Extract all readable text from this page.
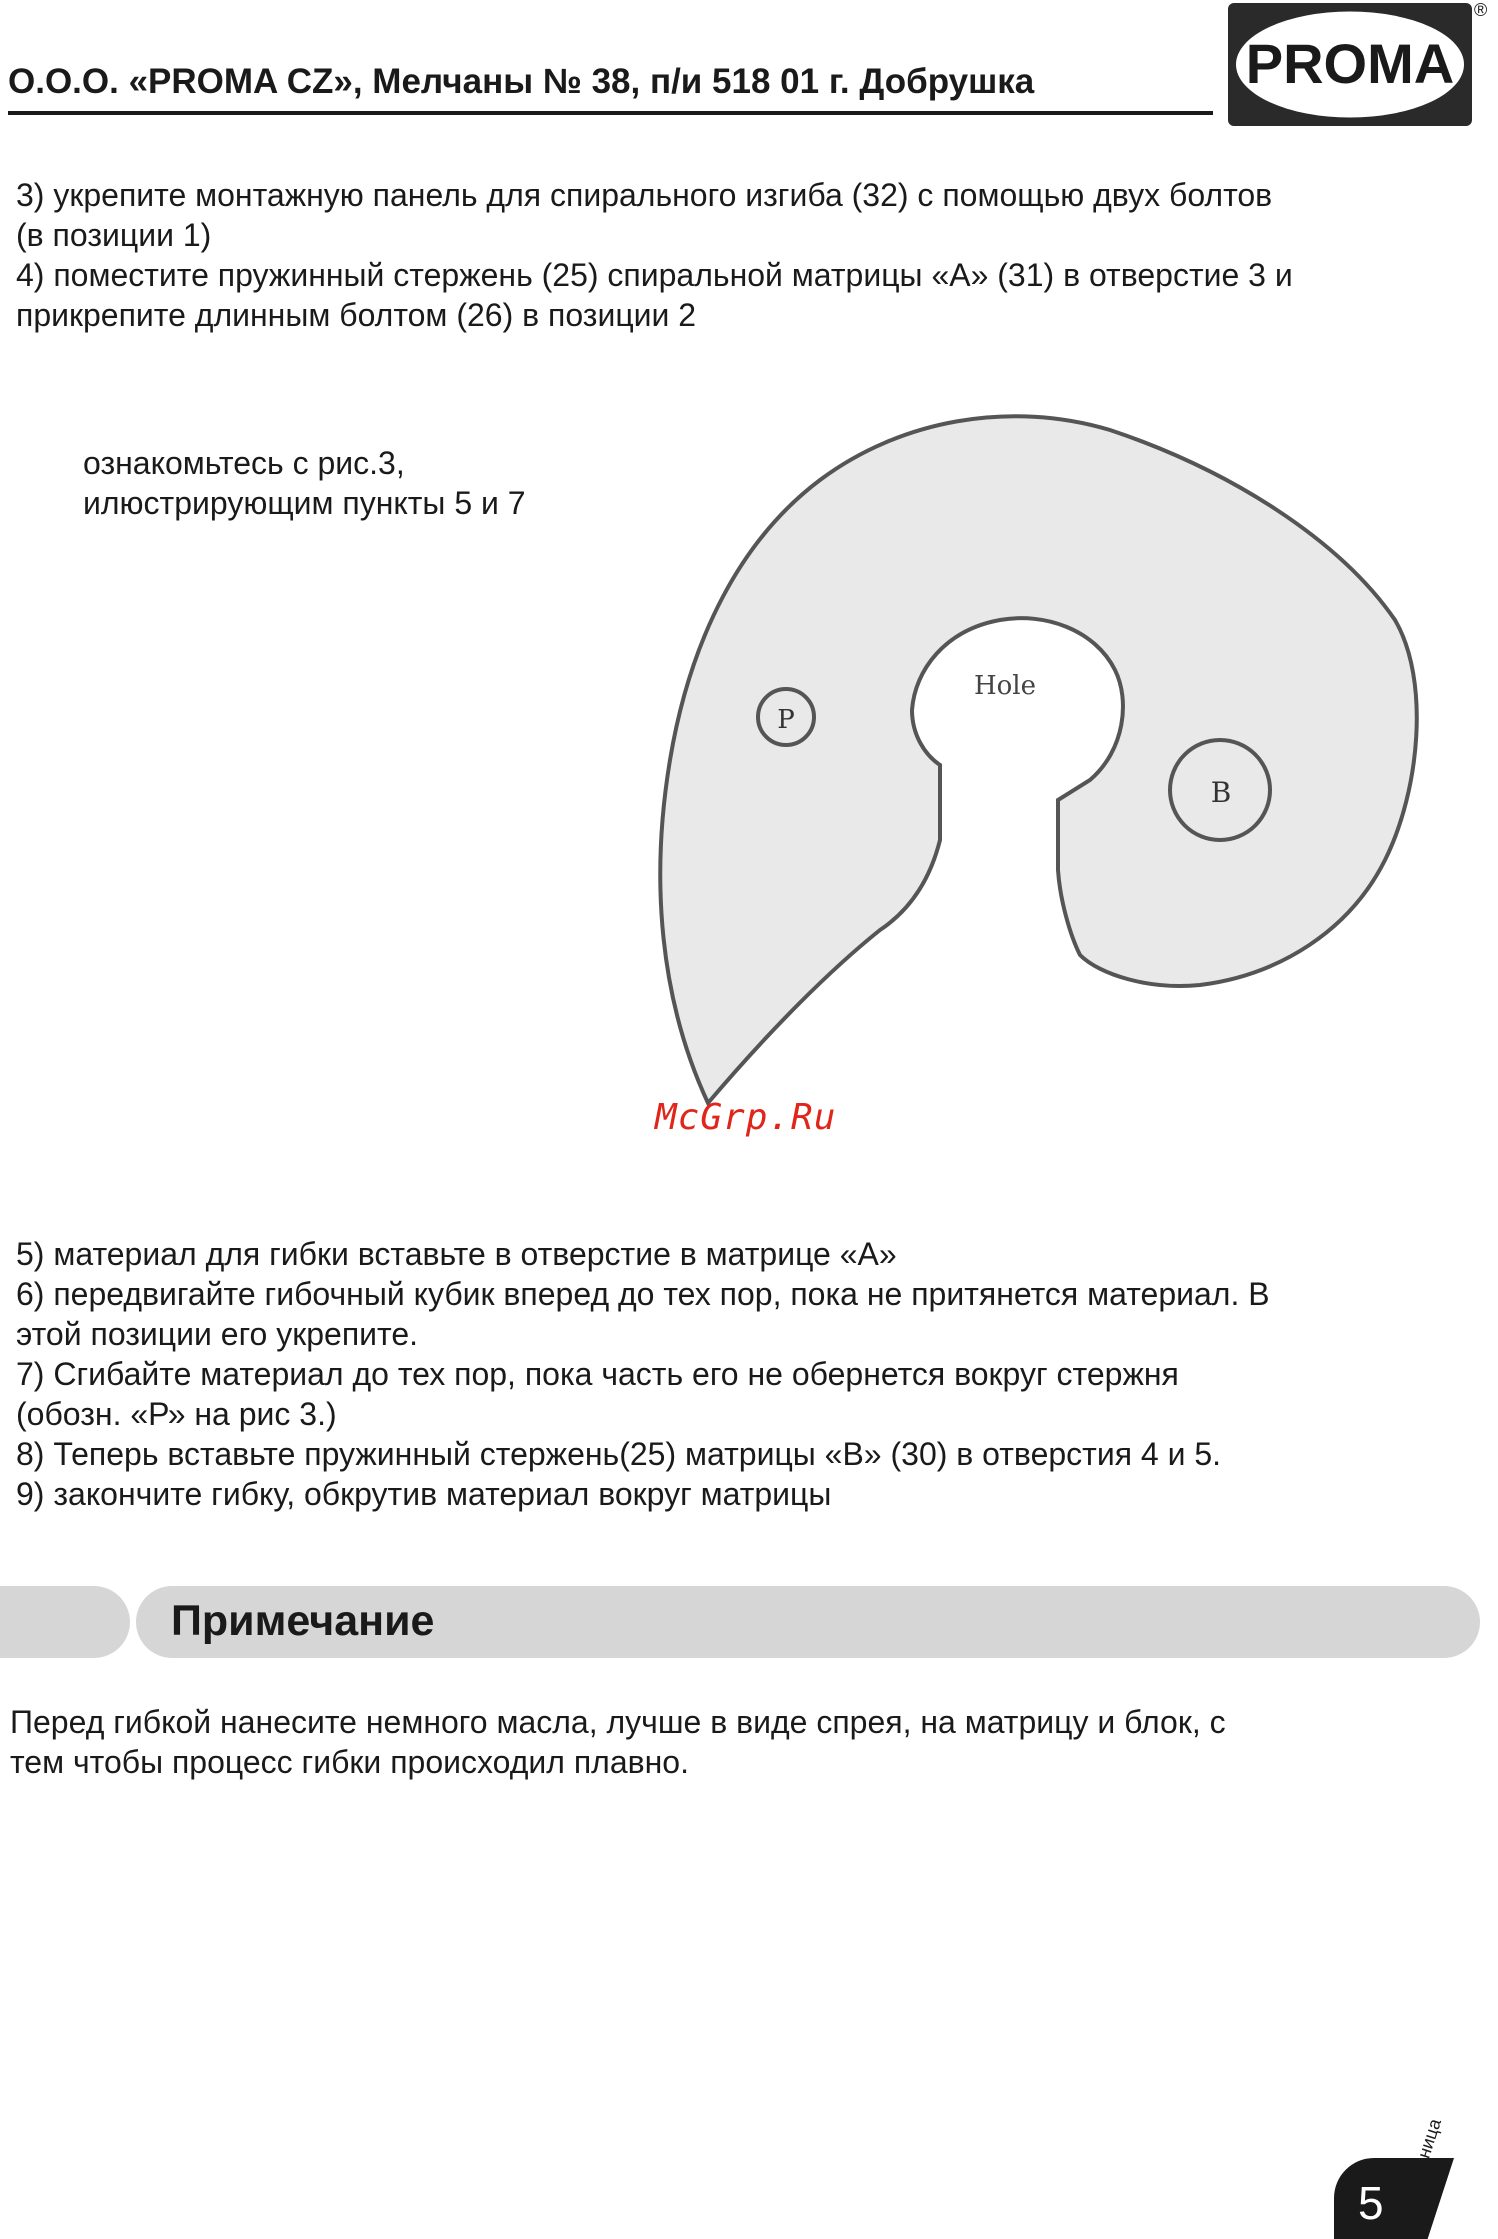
О.О.О. «PROMA CZ», Мелчаны № 38, п/и 518 01 г. Добрушка	PROMA
®
3) укрепите монтажную панель для спирального изгиба (32) с помощью двух болтов
(в позиции 1)
4) поместите пружинный стержень (25) спиральной матрицы «А» (31) в отверстие 3 и
прикрепите длинным болтом (26) в позиции 2
ознакомьтесь с рис.3,
илюстрирующим пункты 5 и 7
P
B
Hole
McGrp.Ru
5) материал для гибки вставьте в отверстие в матрице «А»
6) передвигайте гибочный кубик вперед до тех пор, пока не притянется материал. В
этой позиции его укрепите.
7) Сгибайте материал до тех пор, пока часть его не обернется вокруг стержня
(обозн. «Р» на рис 3.)
8) Теперь вставьте пружинный стержень(25) матрицы «В» (30) в отверстия 4 и 5.
9) закончите гибку, обкрутив материал вокруг матрицы
Примечание
Перед гибкой нанесите немного масла, лучше в виде спрея, на матрицу и блок, с
тем чтобы процесс гибки происходил плавно.
5
страница
